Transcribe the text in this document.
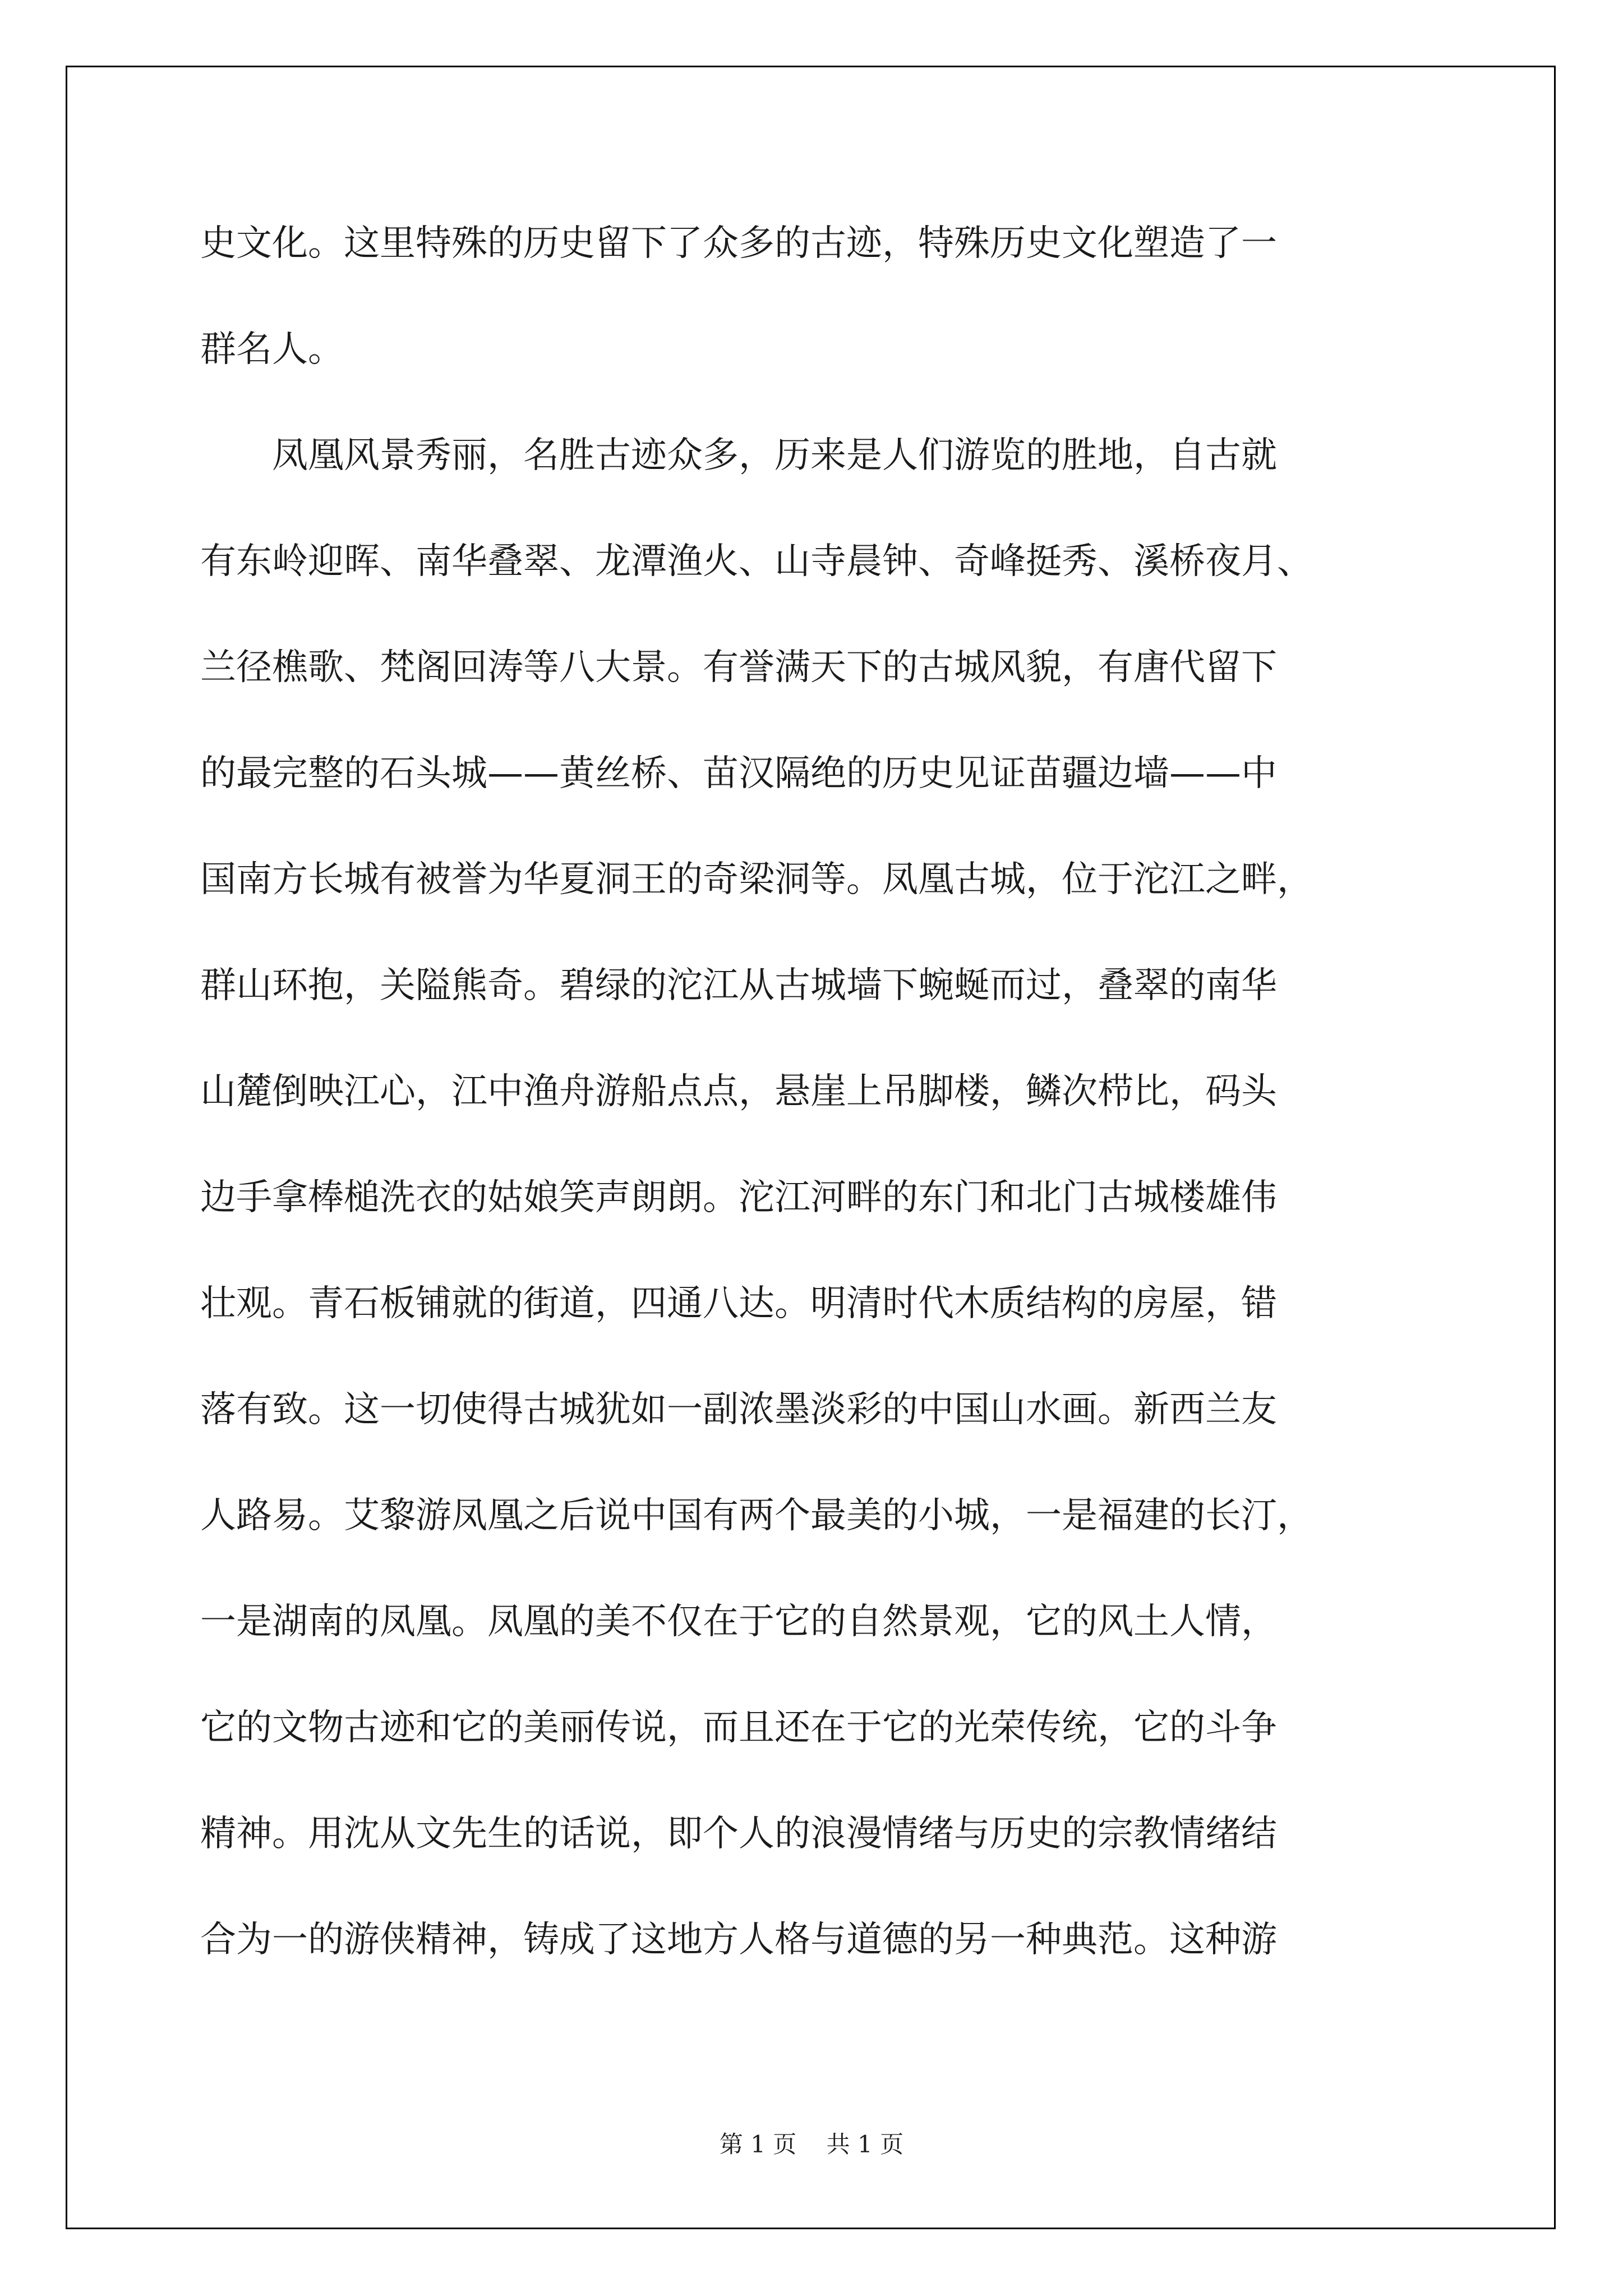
史文化。这里特殊的历史留下了众多的古迹，特殊历史文化塑造了一
群名人。
凤凰风景秀丽，名胜古迹众多，历来是人们游览的胜地，自古就
有东岭迎晖、南华叠翠、龙潭渔火、山寺晨钟、奇峰挺秀、溪桥夜月、
兰径樵歌、梵阁回涛等八大景。有誉满天下的古城风貌，有唐代留下
的最完整的石头城——黄丝桥、苗汉隔绝的历史见证苗疆边墙——中
国南方长城有被誉为华夏洞王的奇梁洞等。凤凰古城，位于沱江之畔，
群山环抱，关隘熊奇。碧绿的沱江从古城墙下蜿蜒而过，叠翠的南华
山麓倒映江心，江中渔舟游船点点，悬崖上吊脚楼，鳞次栉比，码头
边手拿棒槌洗衣的姑娘笑声朗朗。沱江河畔的东门和北门古城楼雄伟
壮观。青石板铺就的街道，四通八达。明清时代木质结构的房屋，错
落有致。这一切使得古城犹如一副浓墨淡彩的中国山水画。新西兰友
人路易。艾黎游凤凰之后说中国有两个最美的小城，一是福建的长汀，
一是湖南的凤凰。凤凰的美不仅在于它的自然景观，它的风土人情，
它的文物古迹和它的美丽传说，而且还在于它的光荣传统，它的斗争
精神。用沈从文先生的话说，即个人的浪漫情绪与历史的宗教情绪结
合为一的游侠精神，铸成了这地方人格与道德的另一种典范。这种游
第 1 页 共 1 页
